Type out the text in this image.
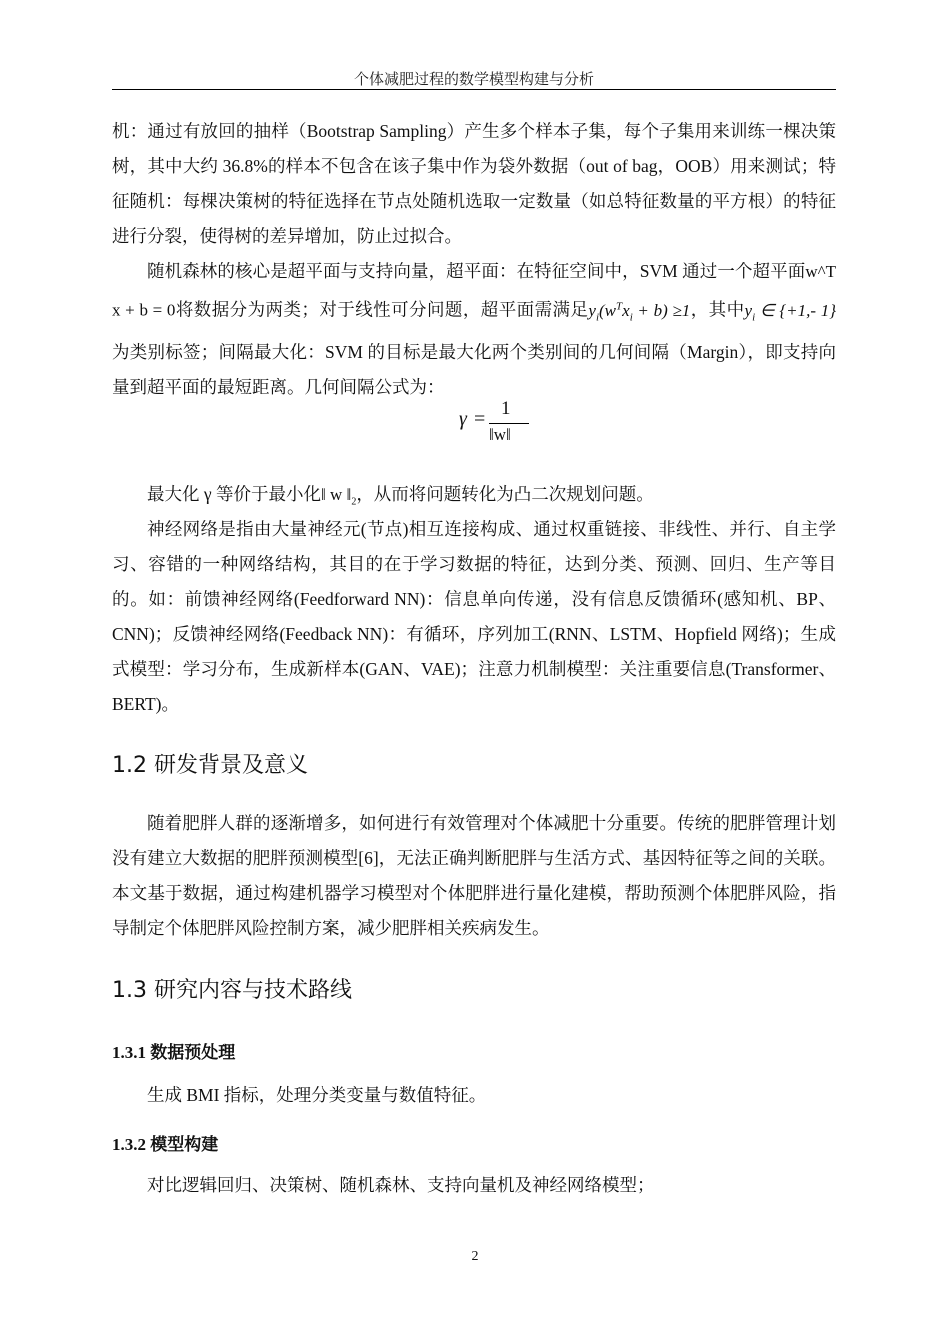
个体减肥过程的数学模型构建与分析

机：通过有放回的抽样（Bootstrap Sampling）产生多个样本子集，每个子集用来训练一棵决策树，其中大约 36.8%的样本不包含在该子集中作为袋外数据（out of bag，OOB）用来测试；特征随机：每棵决策树的特征选择在节点处随机选取一定数量（如总特征数量的平方根）的特征进行分裂，使得树的差异增加，防止过拟合。

随机森林的核心是超平面与支持向量，超平面：在特征空间中，SVM 通过一个超平面w^T x + b = 0将数据分为两类；对于线性可分问题，超平面需满足$y_i(w^Tx_i + b) \ge 1$，其中$y_i$ ∈ {+1,- 1}为类别标签；间隔最大化：SVM 的目标是最大化两个类别间的几何间隔（Margin），即支持向量到超平面的最短距离。几何间隔公式为：

γ = 1
‖w‖

最大化 γ 等价于最小化‖ w $‖_2$，从而将问题转化为凸二次规划问题。

神经网络是指由大量神经元(节点)相互连接构成、通过权重链接、非线性、并行、自主学习、容错的一种网络结构，其目的在于学习数据的特征，达到分类、预测、回归、生产等目的。如：前馈神经网络(Feedforward NN)：信息单向传递，没有信息反馈循环(感知机、BP、CNN)；反馈神经网络(Feedback NN)：有循环，序列加工(RNN、LSTM、Hopfield 网络)；生成式模型：学习分布，生成新样本(GAN、VAE)；注意力机制模型：关注重要信息(Transformer、BERT)。

1.2 研发背景及意义

随着肥胖人群的逐渐增多，如何进行有效管理对个体减肥十分重要。传统的肥胖管理计划没有建立大数据的肥胖预测模型[6]，无法正确判断肥胖与生活方式、基因特征等之间的关联。本文基于数据，通过构建机器学习模型对个体肥胖进行量化建模，帮助预测个体肥胖风险，指导制定个体肥胖风险控制方案，减少肥胖相关疾病发生。

1.3 研究内容与技术路线
1.3.1 数据预处理

生成 BMI 指标，处理分类变量与数值特征。

1.3.2 模型构建

对比逻辑回归、决策树、随机森林、支持向量机及神经网络模型；

2
